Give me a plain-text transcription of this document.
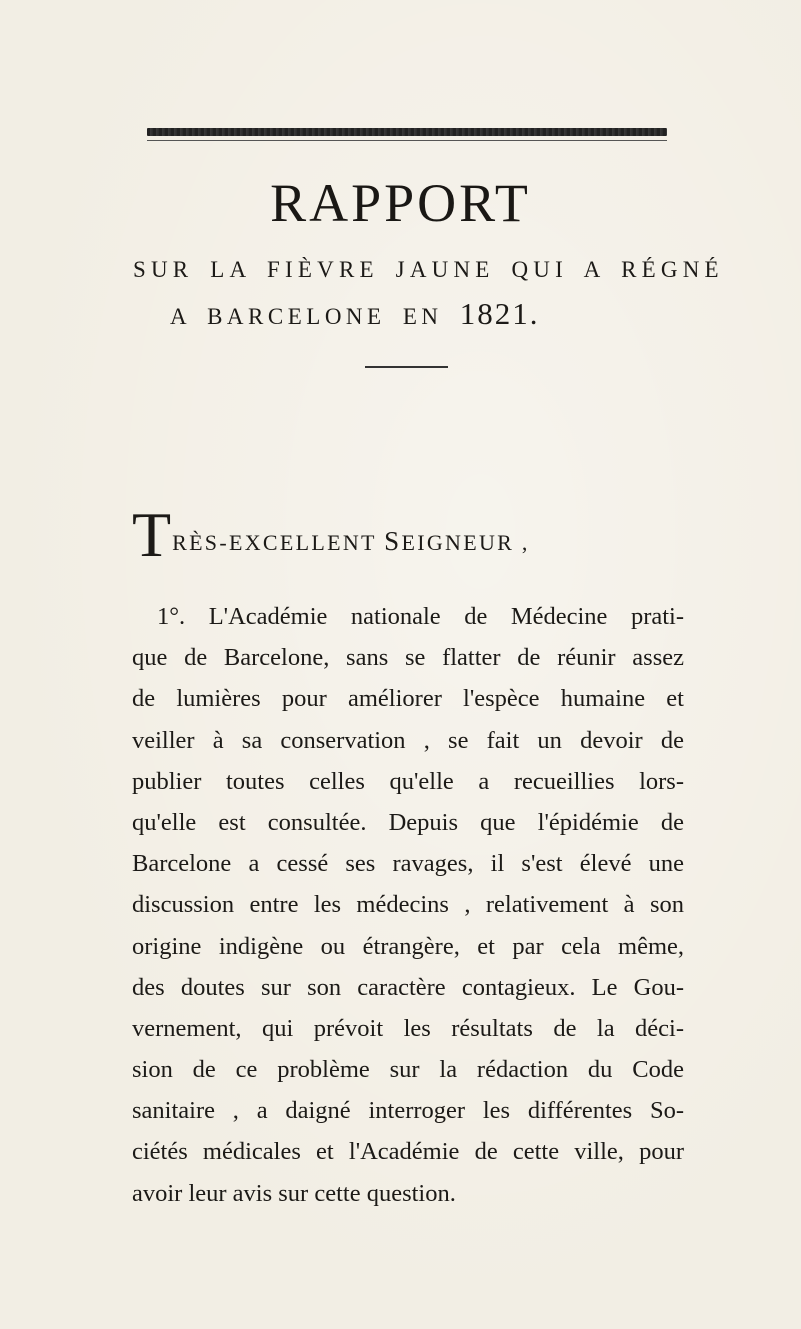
RAPPORT
SUR LA FIÈVRE JAUNE QUI A RÉGNÉ
A BARCELONE EN 1821.
TRÈS-EXCELLENT SEIGNEUR ,
1°. L'Académie nationale de Médecine prati-
que de Barcelone, sans se flatter de réunir assez
de lumières pour améliorer l'espèce humaine et
veiller à sa conservation , se fait un devoir de
publier toutes celles qu'elle a recueillies lors-
qu'elle est consultée. Depuis que l'épidémie de
Barcelone a cessé ses ravages, il s'est élevé une
discussion entre les médecins , relativement à son
origine indigène ou étrangère, et par cela même,
des doutes sur son caractère contagieux. Le Gou-
vernement, qui prévoit les résultats de la déci-
sion de ce problème sur la rédaction du Code
sanitaire , a daigné interroger les différentes So-
ciétés médicales et l'Académie de cette ville, pour
avoir leur avis sur cette question.
